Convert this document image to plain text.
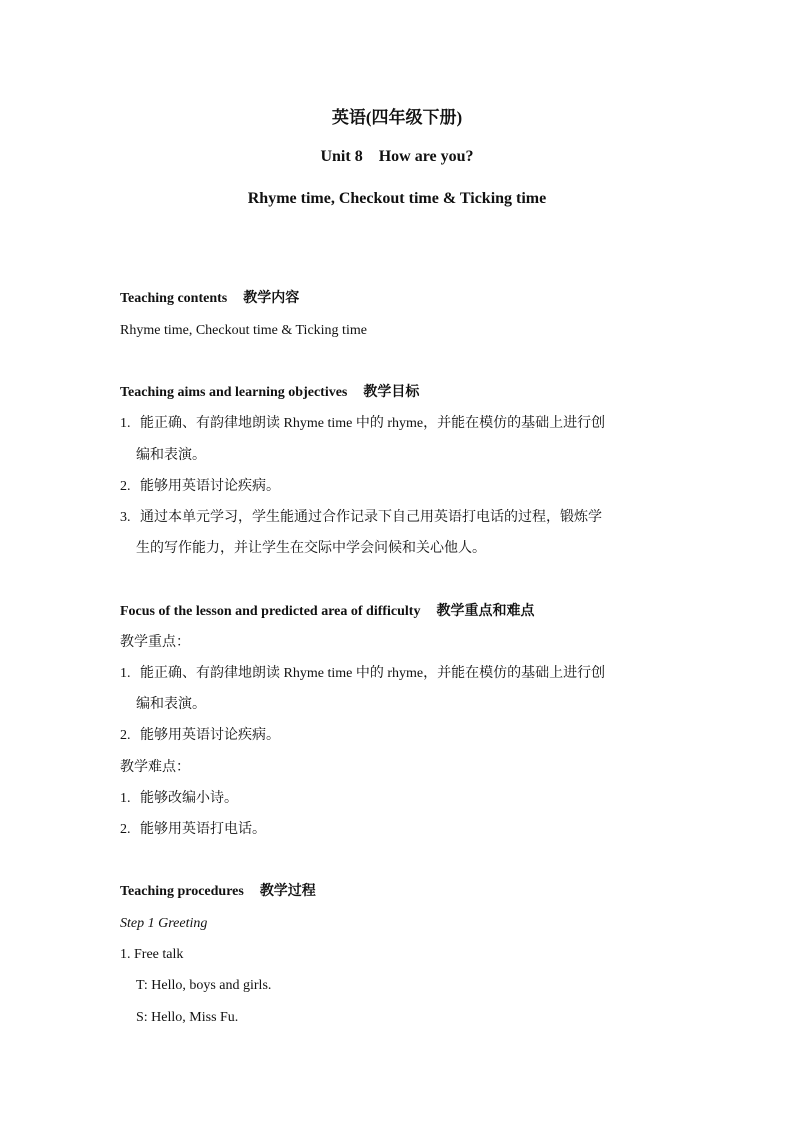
英语(四年级下册)
Unit 8    How are you?
Rhyme time, Checkout time & Ticking time
Teaching contents 教学内容
Rhyme time, Checkout time & Ticking time
Teaching aims and learning objectives 教学目标
1. 能正确、有韵律地朗读 Rhyme time 中的 rhyme，并能在模仿的基础上进行创
编和表演。
2. 能够用英语讨论疾病。
3. 通过本单元学习，学生能通过合作记录下自己用英语打电话的过程，锻炼学
生的写作能力，并让学生在交际中学会问候和关心他人。
Focus of the lesson and predicted area of difficulty 教学重点和难点
教学重点：
1. 能正确、有韵律地朗读 Rhyme time 中的 rhyme，并能在模仿的基础上进行创
编和表演。
2. 能够用英语讨论疾病。
教学难点：
1. 能够改编小诗。
2. 能够用英语打电话。
Teaching procedures 教学过程
Step 1 Greeting
1. Free talk
T: Hello, boys and girls.
S: Hello, Miss Fu.
